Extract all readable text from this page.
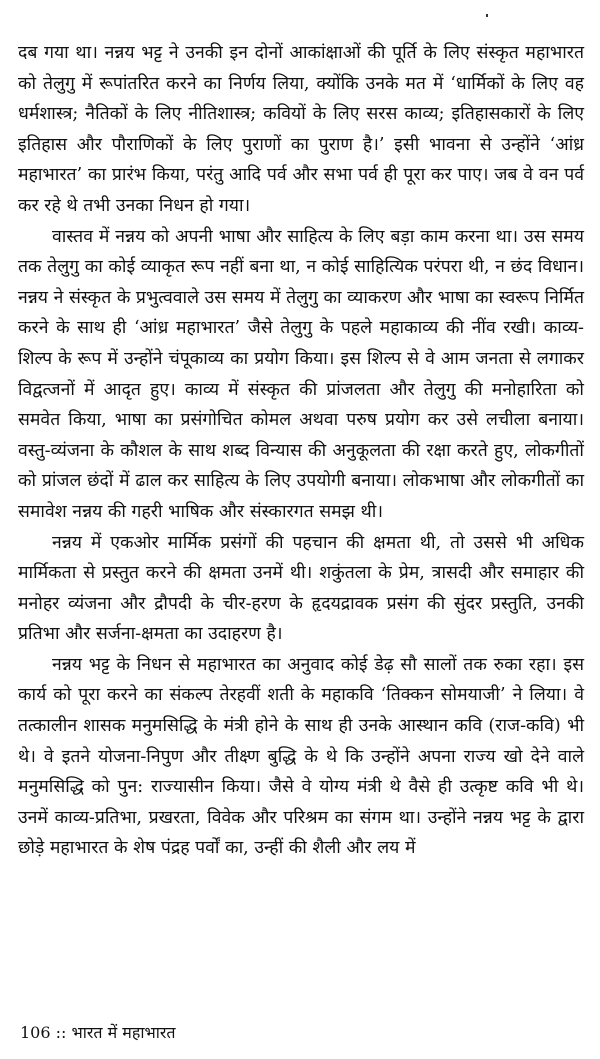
दब गया था। नन्नय भट्ट ने उनकी इन दोनों आकांक्षाओं की पूर्ति के लिए संस्कृत महाभारत को तेलुगु में रूपांतरित करने का निर्णय लिया, क्योंकि उनके मत में ‘धार्मिकों के लिए वह धर्मशास्त्र; नैतिकों के लिए नीतिशास्त्र; कवियों के लिए सरस काव्य; इतिहासकारों के लिए इतिहास और पौराणिकों के लिए पुराणों का पुराण है।’ इसी भावना से उन्होंने ‘आंध्र महाभारत’ का प्रारंभ किया, परंतु आदि पर्व और सभा पर्व ही पूरा कर पाए। जब वे वन पर्व कर रहे थे तभी उनका निधन हो गया।

वास्तव में नन्नय को अपनी भाषा और साहित्य के लिए बड़ा काम करना था। उस समय तक तेलुगु का कोई व्याकृत रूप नहीं बना था, न कोई साहित्यिक परंपरा थी, न छंद विधान। नन्नय ने संस्कृत के प्रभुत्ववाले उस समय में तेलुगु का व्याकरण और भाषा का स्वरूप निर्मित करने के साथ ही ‘आंध्र महाभारत’ जैसे तेलुगु के पहले महाकाव्य की नींव रखी। काव्य-शिल्प के रूप में उन्होंने चंपूकाव्य का प्रयोग किया। इस शिल्प से वे आम जनता से लगाकर विद्वत्जनों में आदृत हुए। काव्य में संस्कृत की प्रांजलता और तेलुगु की मनोहारिता को समवेत किया, भाषा का प्रसंगोचित कोमल अथवा परुष प्रयोग कर उसे लचीला बनाया। वस्तु-व्यंजना के कौशल के साथ शब्द विन्यास की अनुकूलता की रक्षा करते हुए, लोकगीतों को प्रांजल छंदों में ढाल कर साहित्य के लिए उपयोगी बनाया। लोकभाषा और लोकगीतों का समावेश नन्नय की गहरी भाषिक और संस्कारगत समझ थी।

नन्नय में एकओर मार्मिक प्रसंगों की पहचान की क्षमता थी, तो उससे भी अधिक मार्मिकता से प्रस्तुत करने की क्षमता उनमें थी। शकुंतला के प्रेम, त्रासदी और समाहार की मनोहर व्यंजना और द्रौपदी के चीर-हरण के हृदयद्रावक प्रसंग की सुंदर प्रस्तुति, उनकी प्रतिभा और सर्जना-क्षमता का उदाहरण है।

नन्नय भट्ट के निधन से महाभारत का अनुवाद कोई डेढ़ सौ सालों तक रुका रहा। इस कार्य को पूरा करने का संकल्प तेरहवीं शती के महाकवि ‘तिक्कन सोमयाजी’ ने लिया। वे तत्कालीन शासक मनुमसिद्धि के मंत्री होने के साथ ही उनके आस्थान कवि (राज-कवि) भी थे। वे इतने योजना-निपुण और तीक्ष्ण बुद्धि के थे कि उन्होंने अपना राज्य खो देने वाले मनुमसिद्धि को पुन: राज्यासीन किया। जैसे वे योग्य मंत्री थे वैसे ही उत्कृष्ट कवि भी थे। उनमें काव्य-प्रतिभा, प्रखरता, विवेक और परिश्रम का संगम था। उन्होंने नन्नय भट्ट के द्वारा छोड़े महाभारत के शेष पंद्रह पर्वों का, उन्हीं की शैली और लय में

106 :: भारत में महाभारत
